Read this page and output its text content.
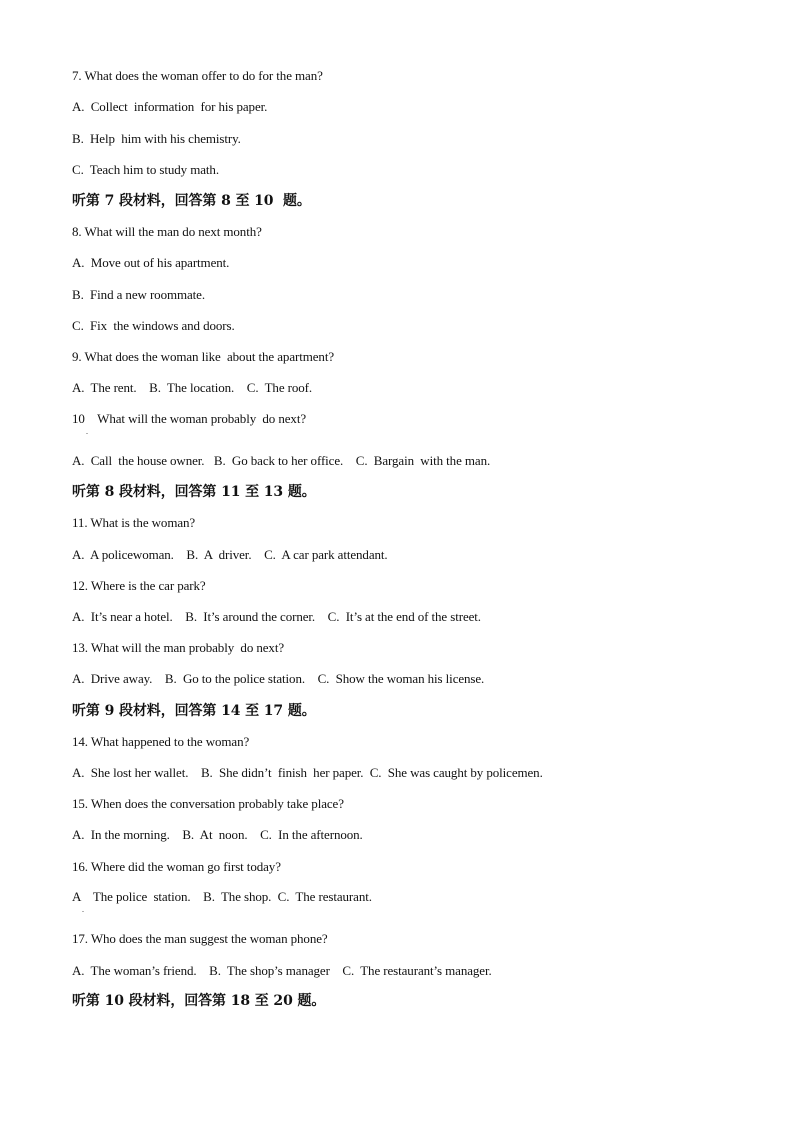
7. What does the woman offer to do for the man?
A.  Collect  information  for his paper.
B.  Help  him with his chemistry.
C.  Teach him to study math.
听第 7 段材料，回答第 8 至 10  题。
8. What will the man do next month?
A.  Move out of his apartment.
B.  Find a new roommate.
C.  Fix  the windows and doors.
9. What does the woman like  about the apartment?
A.  The rent.    B.  The location.    C.  The roof.
10    What will the woman probably  do next?
.
A.  Call  the house owner.   B.  Go back to her office.    C.  Bargain  with the man.
听第 8 段材料，回答第 11 至 13 题。
11. What is the woman?
A.  A policewoman.    B.  A  driver.    C.  A car park attendant.
12. Where is the car park?
A.  It’s near a hotel.    B.  It’s around the corner.    C.  It’s at the end of the street.
13. What will the man probably  do next?
A.  Drive away.    B.  Go to the police station.    C.  Show the woman his license.
听第 9 段材料，回答第 14 至 17 题。
14. What happened to the woman?
A.  She lost her wallet.    B.  She didn’t  finish  her paper.  C.  She was caught by policemen.
15. When does the conversation probably take place?
A.  In the morning.    B.  At  noon.    C.  In the afternoon.
16. Where did the woman go first today?
A    The police  station.    B.  The shop.  C.  The restaurant.
.
17. Who does the man suggest the woman phone?
A.  The woman’s friend.    B.  The shop’s manager    C.  The restaurant’s manager.
听第 10 段材料，回答第 18 至 20 题。
